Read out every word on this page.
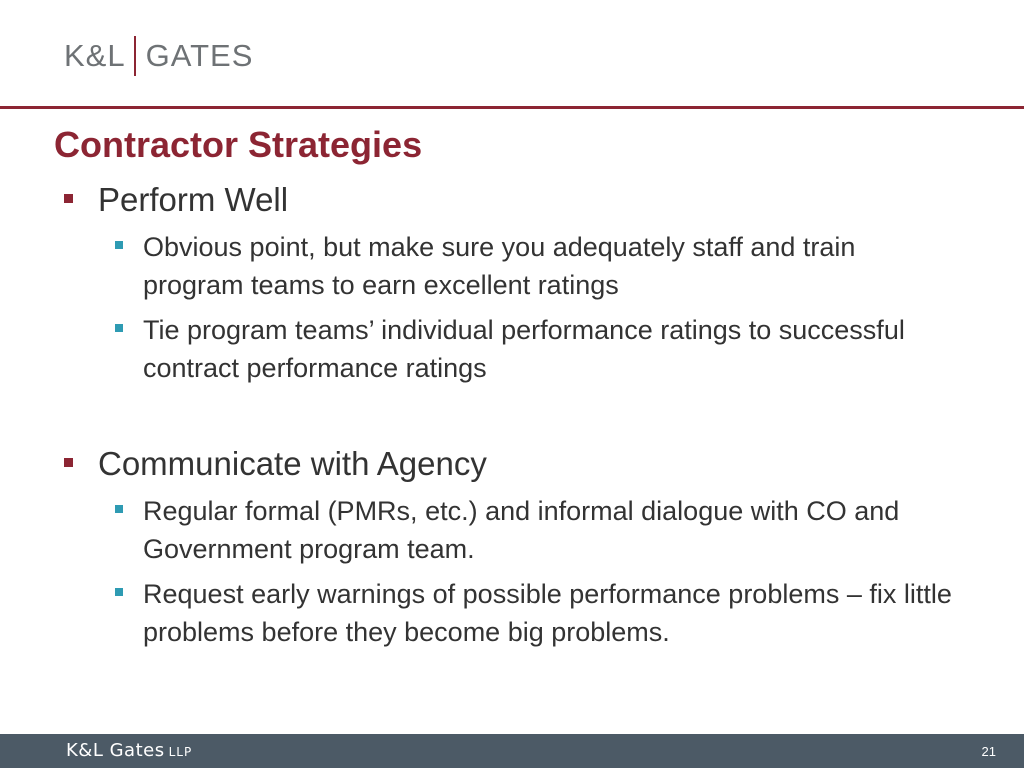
K&L GATES
Contractor Strategies
Perform Well
Obvious point, but make sure you adequately staff and train program teams to earn excellent ratings
Tie program teams’ individual performance ratings to successful contract performance ratings
Communicate with Agency
Regular formal (PMRs, etc.) and informal dialogue with CO and Government program team.
Request early warnings of possible performance problems – fix little problems before they become big problems.
K&L Gates LLP	21
